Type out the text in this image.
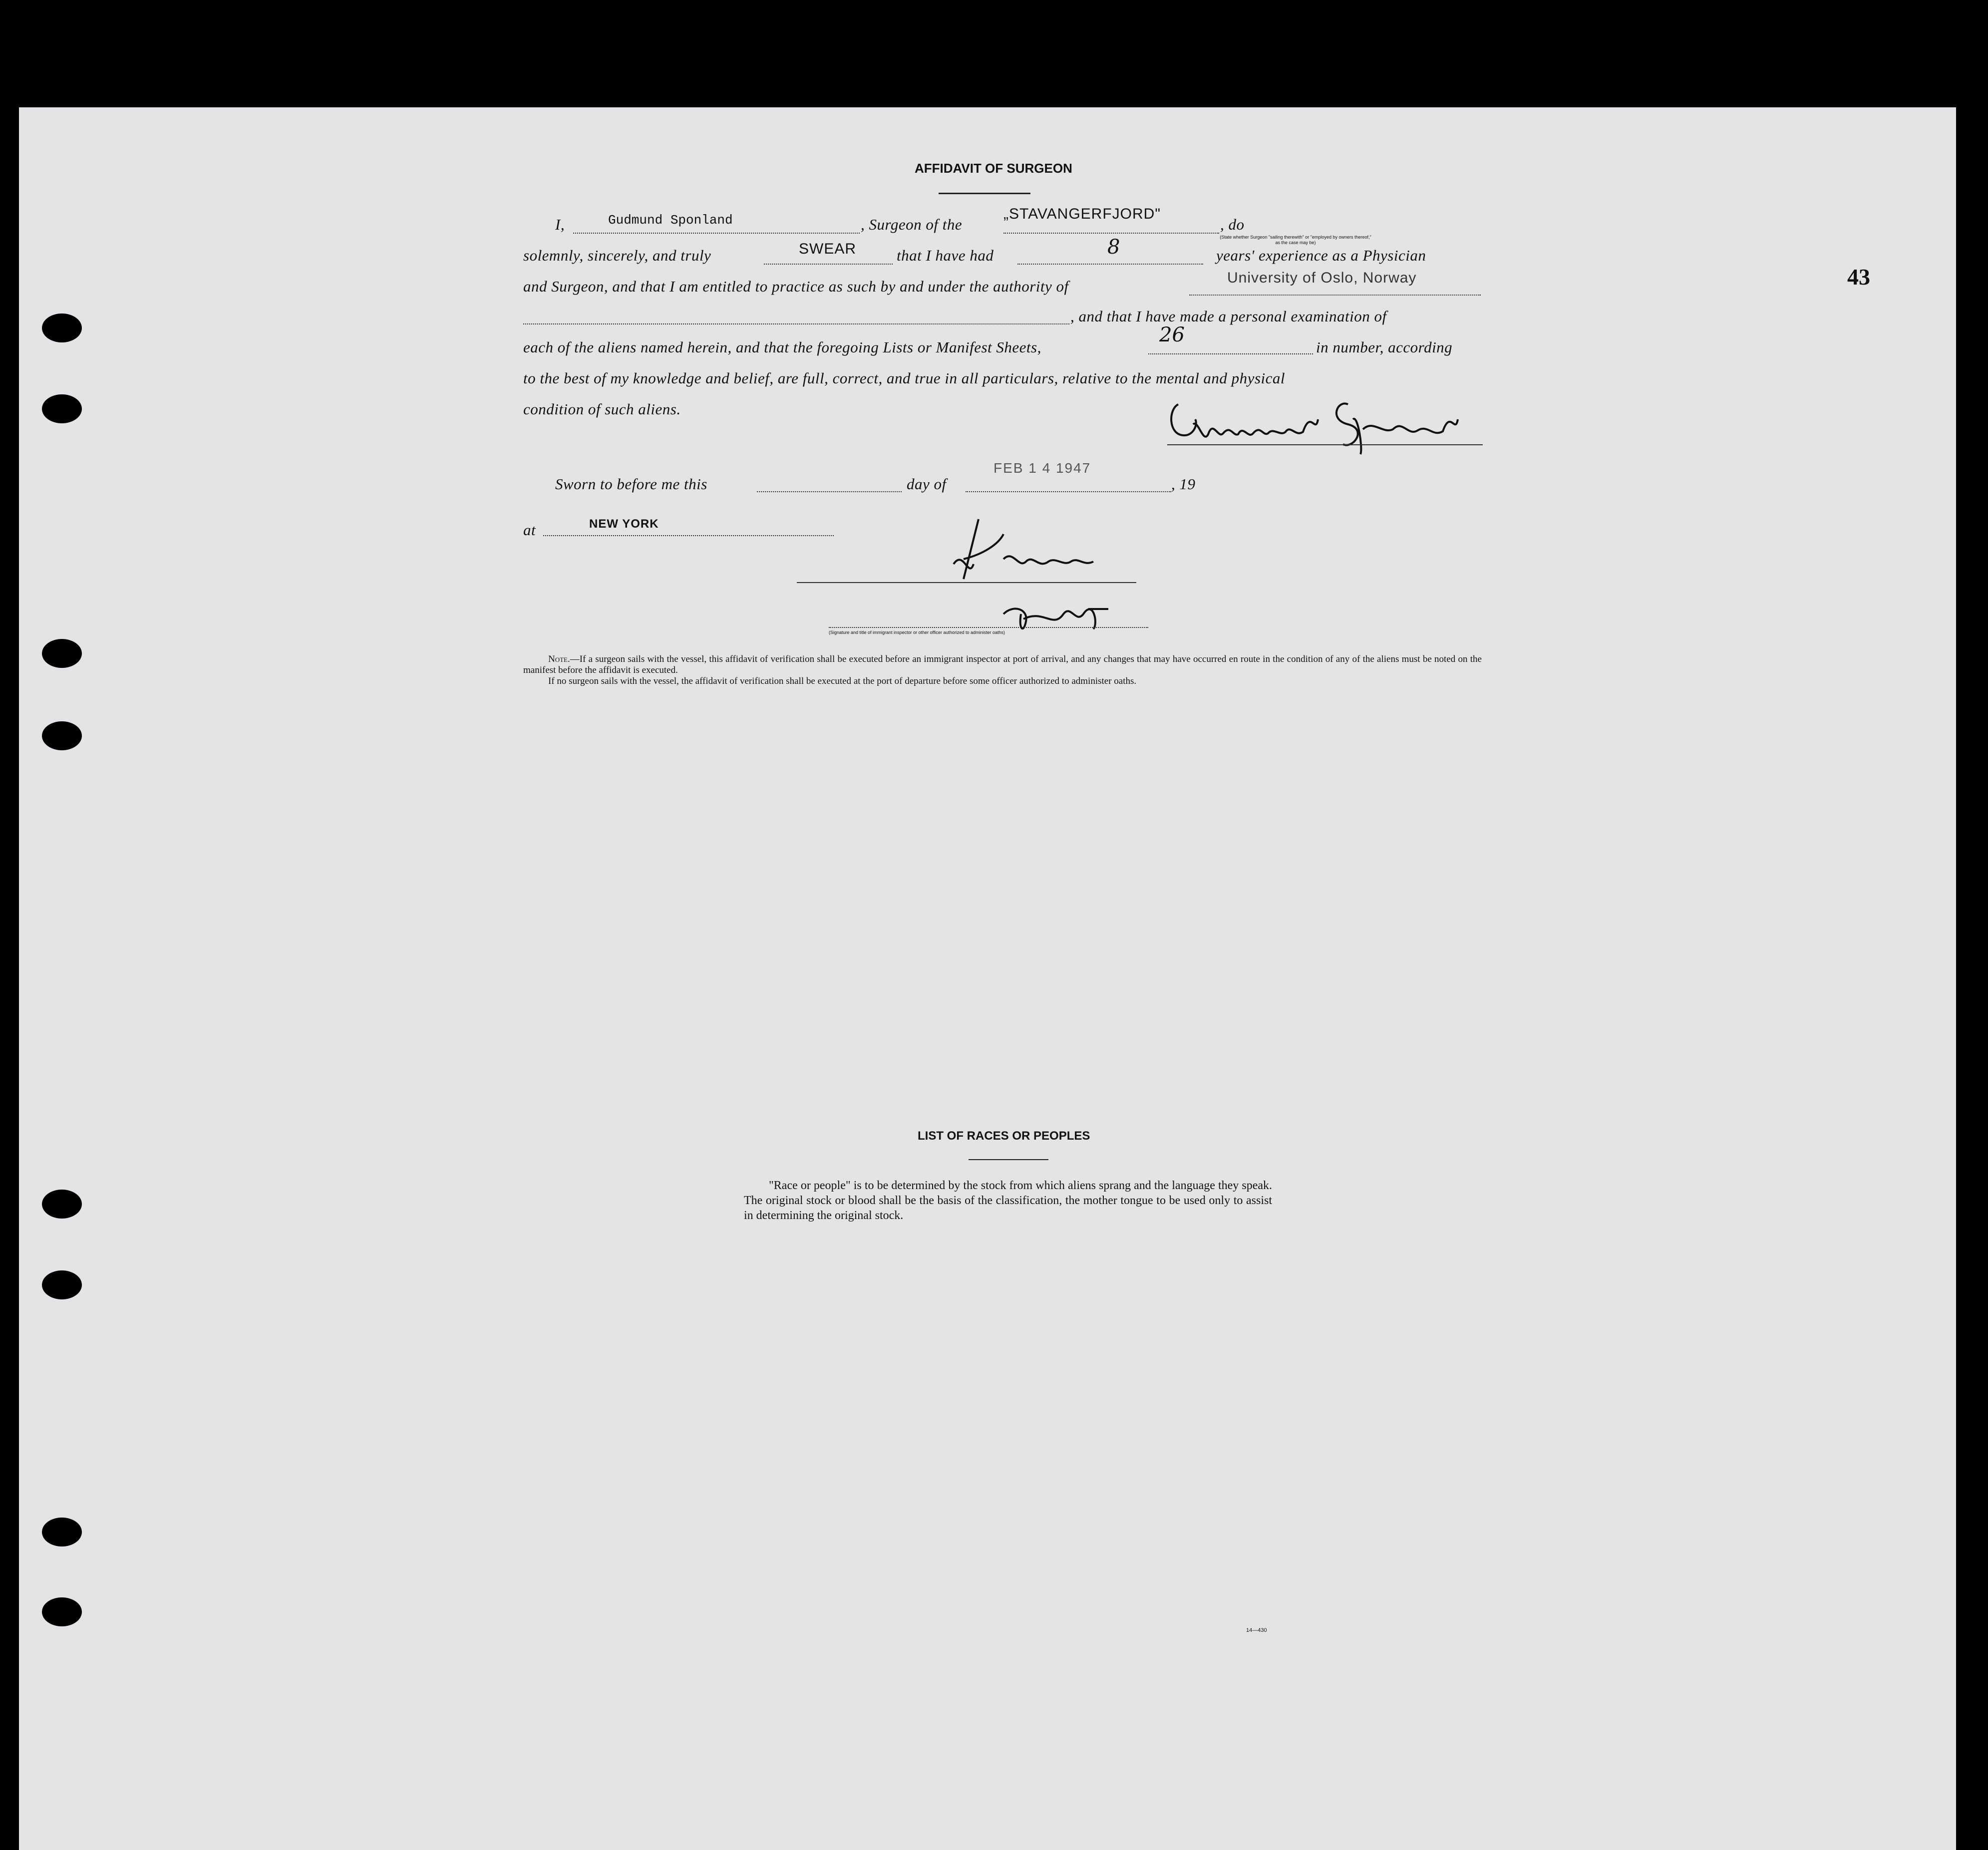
43
AFFIDAVIT OF SURGEON
I,	Gudmund Sponland	, Surgeon of the
„STAVANGERFJORD"
(State whether Surgeon "sailing therewith" or "employed by owners thereof," as the case may be)
, do
solemnly, sincerely, and truly	SWEAR	that I have had	8	years' experience as a Physician
and Surgeon, and that I am entitled to practice as such by and under the authority of	University of Oslo, Norway
, and that I have made a personal examination of
each of the aliens named herein, and that the foregoing Lists or Manifest Sheets,
26
in number, according
to the best of my knowledge and belief, are full, correct, and true in all particulars, relative to the mental and physical
condition of such aliens.
Sworn to before me this	day of
FEB 1 4 1947
, 19
at	NEW YORK
(Signature and title of immigrant inspector or other officer authorized to administer oaths)
Note.—If a surgeon sails with the vessel, this affidavit of verification shall be executed before an immigrant inspector at port of arrival, and any changes that may have occurred en route in the condition of any of the aliens must be noted on the manifest before the affidavit is executed.
If no surgeon sails with the vessel, the affidavit of verification shall be executed at the port of departure before some officer authorized to administer oaths.
LIST OF RACES OR PEOPLES
"Race or people" is to be determined by the stock from which aliens sprang and the language they speak. The original stock or blood shall be the basis of the classification, the mother tongue to be used only to assist in determining the original stock.
14—430
